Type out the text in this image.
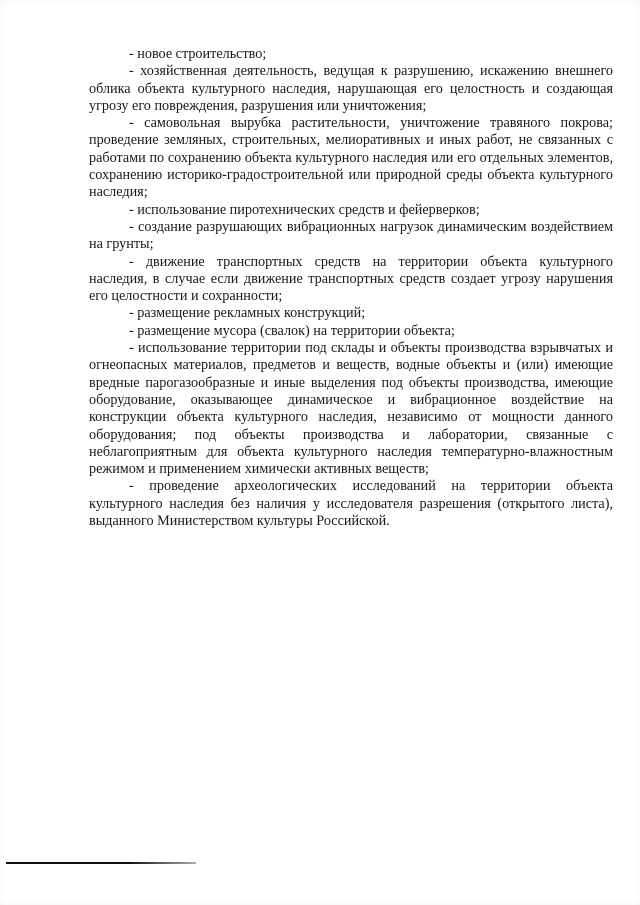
- новое строительство;

- хозяйственная деятельность, ведущая к разрушению, искажению внешнего облика объекта культурного наследия, нарушающая его целостность и создающая угрозу его повреждения, разрушения или уничтожения;

- самовольная вырубка растительности, уничтожение травяного покрова; проведение земляных, строительных, мелиоративных и иных работ, не связанных с работами по сохранению объекта культурного наследия или его отдельных элементов, сохранению историко-градостроительной или природной среды объекта культурного наследия;

- использование пиротехнических средств и фейерверков;

- создание разрушающих вибрационных нагрузок динамическим воздействием на грунты;

- движение транспортных средств на территории объекта культурного наследия, в случае если движение транспортных средств создает угрозу нарушения его целостности и сохранности;

- размещение рекламных конструкций;

- размещение мусора (свалок) на территории объекта;

- использование территории под склады и объекты производства взрывчатых и огнеопасных материалов, предметов и веществ, водные объекты и (или) имеющие вредные парогазообразные и иные выделения под объекты производства, имеющие оборудование, оказывающее динамическое и вибрационное воздействие на конструкции объекта культурного наследия, независимо от мощности данного оборудования; под объекты производства и лаборатории, связанные с неблагоприятным для объекта культурного наследия температурно-влажностным режимом и применением химически активных веществ;

- проведение археологических исследований на территории объекта культурного наследия без наличия у исследователя разрешения (открытого листа), выданного Министерством культуры Российской.
